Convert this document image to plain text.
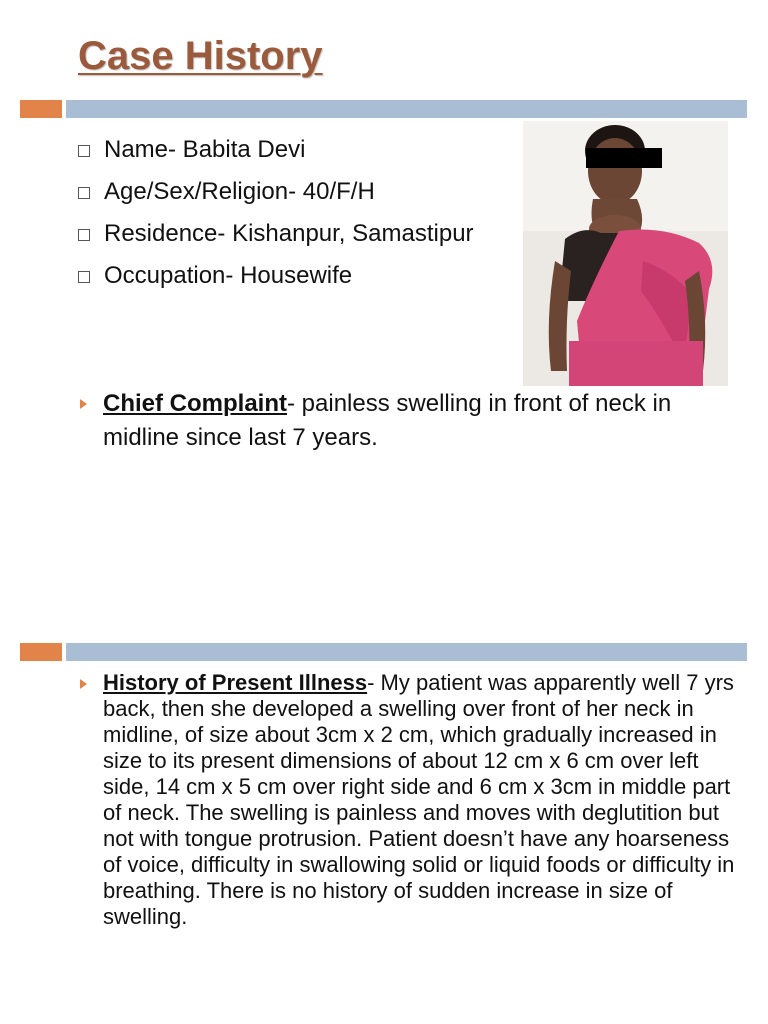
Case History
Name- Babita Devi
Age/Sex/Religion- 40/F/H
Residence- Kishanpur, Samastipur
Occupation- Housewife

Chief Complaint- painless swelling in front of neck in midline since last 7 years.

History of Present Illness- My patient was apparently well 7 yrs back, then she developed a swelling over front of her neck in midline, of size about 3cm x 2 cm, which gradually increased in size to its present dimensions of about 12 cm x 6 cm over left side, 14 cm x 5 cm over right side and 6 cm x 3cm in middle part of neck. The swelling is painless and moves with deglutition but not with tongue protrusion. Patient doesn’t have any hoarseness of voice, difficulty in swallowing solid or liquid foods or difficulty in breathing. There is no history of sudden increase in size of swelling.
